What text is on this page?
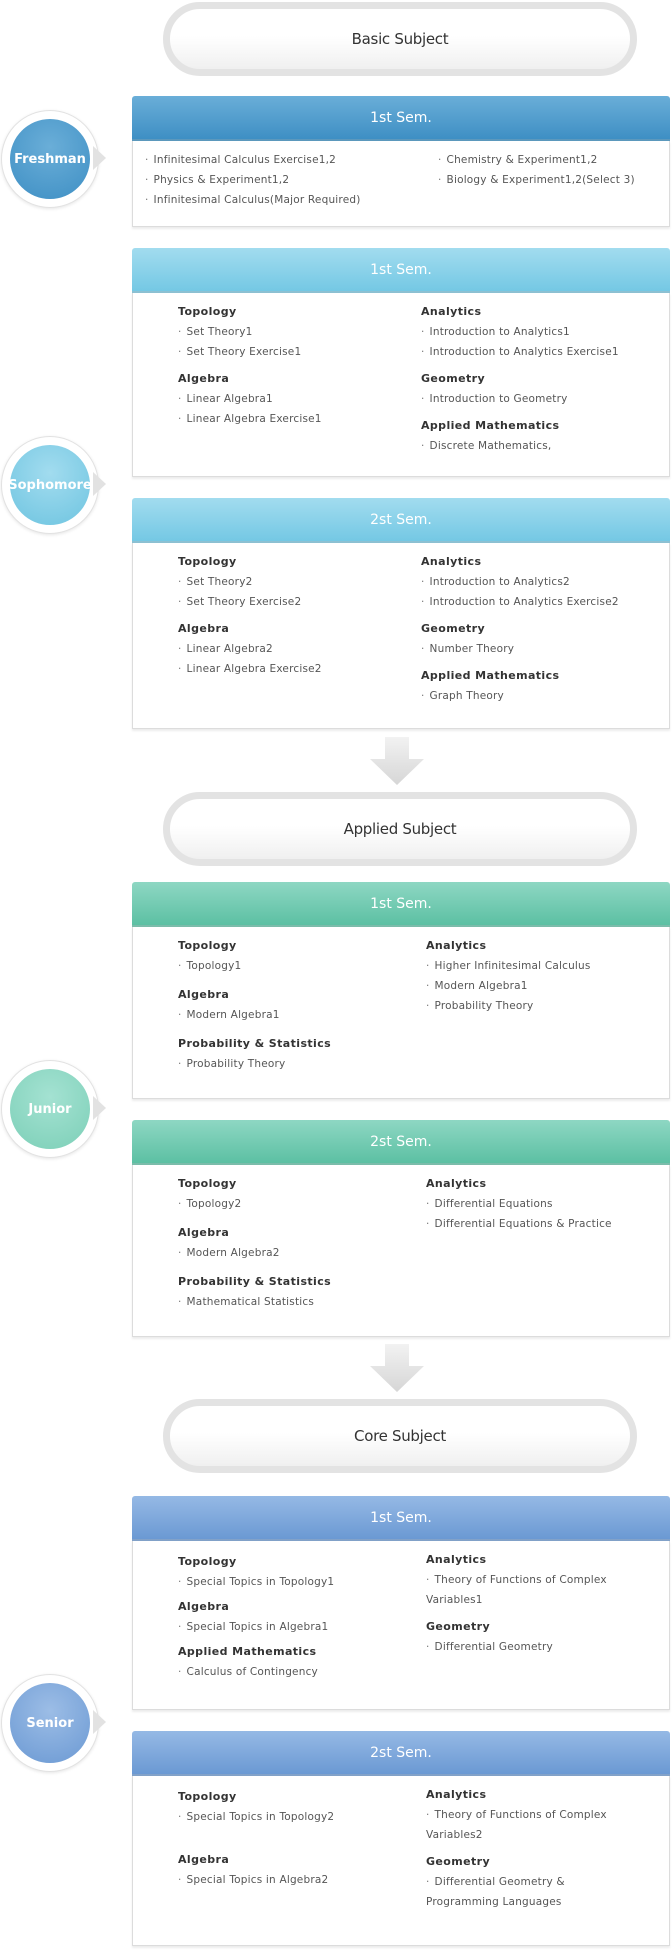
Basic Subject
Freshman
1st Sem.
· Infinitesimal Calculus Exercise1,2
· Physics & Experiment1,2
· Infinitesimal Calculus(Major Required)
· Chemistry & Experiment1,2
· Biology & Experiment1,2(Select 3)
Sophomore
1st Sem.
Topology
· Set Theory1
· Set Theory Exercise1
Algebra
· Linear Algebra1
· Linear Algebra Exercise1
Analytics
· Introduction to Analytics1
· Introduction to Analytics Exercise1
Geometry
· Introduction to Geometry
Applied Mathematics
· Discrete Mathematics,
2st Sem.
Topology
· Set Theory2
· Set Theory Exercise2
Algebra
· Linear Algebra2
· Linear Algebra Exercise2
Analytics
· Introduction to Analytics2
· Introduction to Analytics Exercise2
Geometry
· Number Theory
Applied Mathematics
· Graph Theory
Applied Subject
Junior
1st Sem.
Topology
· Topology1
Algebra
· Modern Algebra1
Probability & Statistics
· Probability Theory
Analytics
· Higher Infinitesimal Calculus
· Modern Algebra1
· Probability Theory
2st Sem.
Topology
· Topology2
Algebra
· Modern Algebra2
Probability & Statistics
· Mathematical Statistics
Analytics
· Differential Equations
· Differential Equations & Practice
Core Subject
Senior
1st Sem.
Topology
· Special Topics in Topology1
Algebra
· Special Topics in Algebra1
Applied Mathematics
· Calculus of Contingency
Analytics
· Theory of Functions of Complex Variables1
Geometry
· Differential Geometry
2st Sem.
Topology
· Special Topics in Topology2
Algebra
· Special Topics in Algebra2
Analytics
· Theory of Functions of Complex Variables2
Geometry
· Differential Geometry & Programming Languages
